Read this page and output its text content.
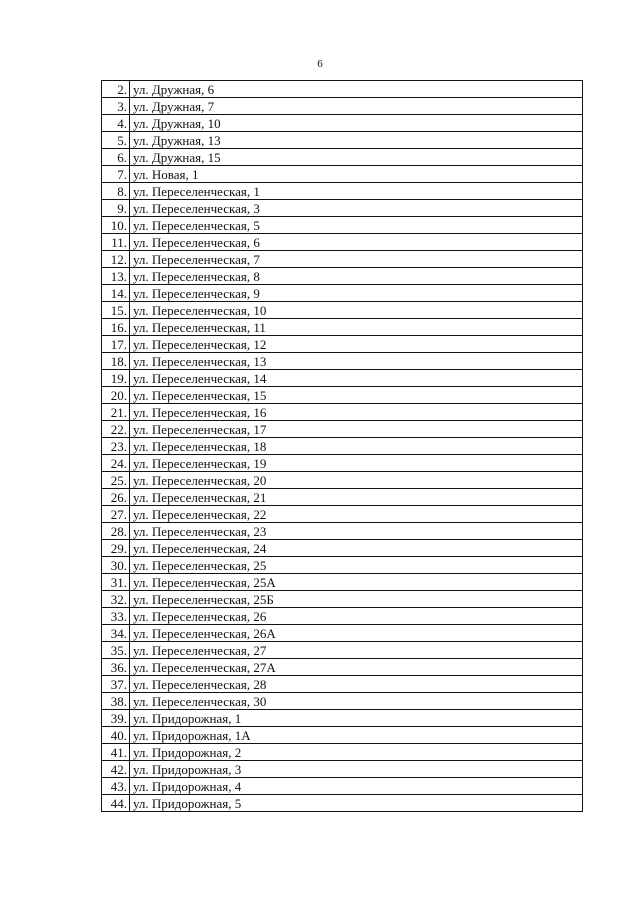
6
2.	ул. Дружная, 6
3.	ул. Дружная, 7
4.	ул. Дружная, 10
5.	ул. Дружная, 13
6.	ул. Дружная, 15
7.	ул. Новая, 1
8.	ул. Переселенческая, 1
9.	ул. Переселенческая, 3
10.	ул. Переселенческая, 5
11.	ул. Переселенческая, 6
12.	ул. Переселенческая, 7
13.	ул. Переселенческая, 8
14.	ул. Переселенческая, 9
15.	ул. Переселенческая, 10
16.	ул. Переселенческая, 11
17.	ул. Переселенческая, 12
18.	ул. Переселенческая, 13
19.	ул. Переселенческая, 14
20.	ул. Переселенческая, 15
21.	ул. Переселенческая, 16
22.	ул. Переселенческая, 17
23.	ул. Переселенческая, 18
24.	ул. Переселенческая, 19
25.	ул. Переселенческая, 20
26.	ул. Переселенческая, 21
27.	ул. Переселенческая, 22
28.	ул. Переселенческая, 23
29.	ул. Переселенческая, 24
30.	ул. Переселенческая, 25
31.	ул. Переселенческая, 25А
32.	ул. Переселенческая, 25Б
33.	ул. Переселенческая, 26
34.	ул. Переселенческая, 26А
35.	ул. Переселенческая, 27
36.	ул. Переселенческая, 27А
37.	ул. Переселенческая, 28
38.	ул. Переселенческая, 30
39.	ул. Придорожная, 1
40.	ул. Придорожная, 1А
41.	ул. Придорожная, 2
42.	ул. Придорожная, 3
43.	ул. Придорожная, 4
44.	ул. Придорожная, 5
